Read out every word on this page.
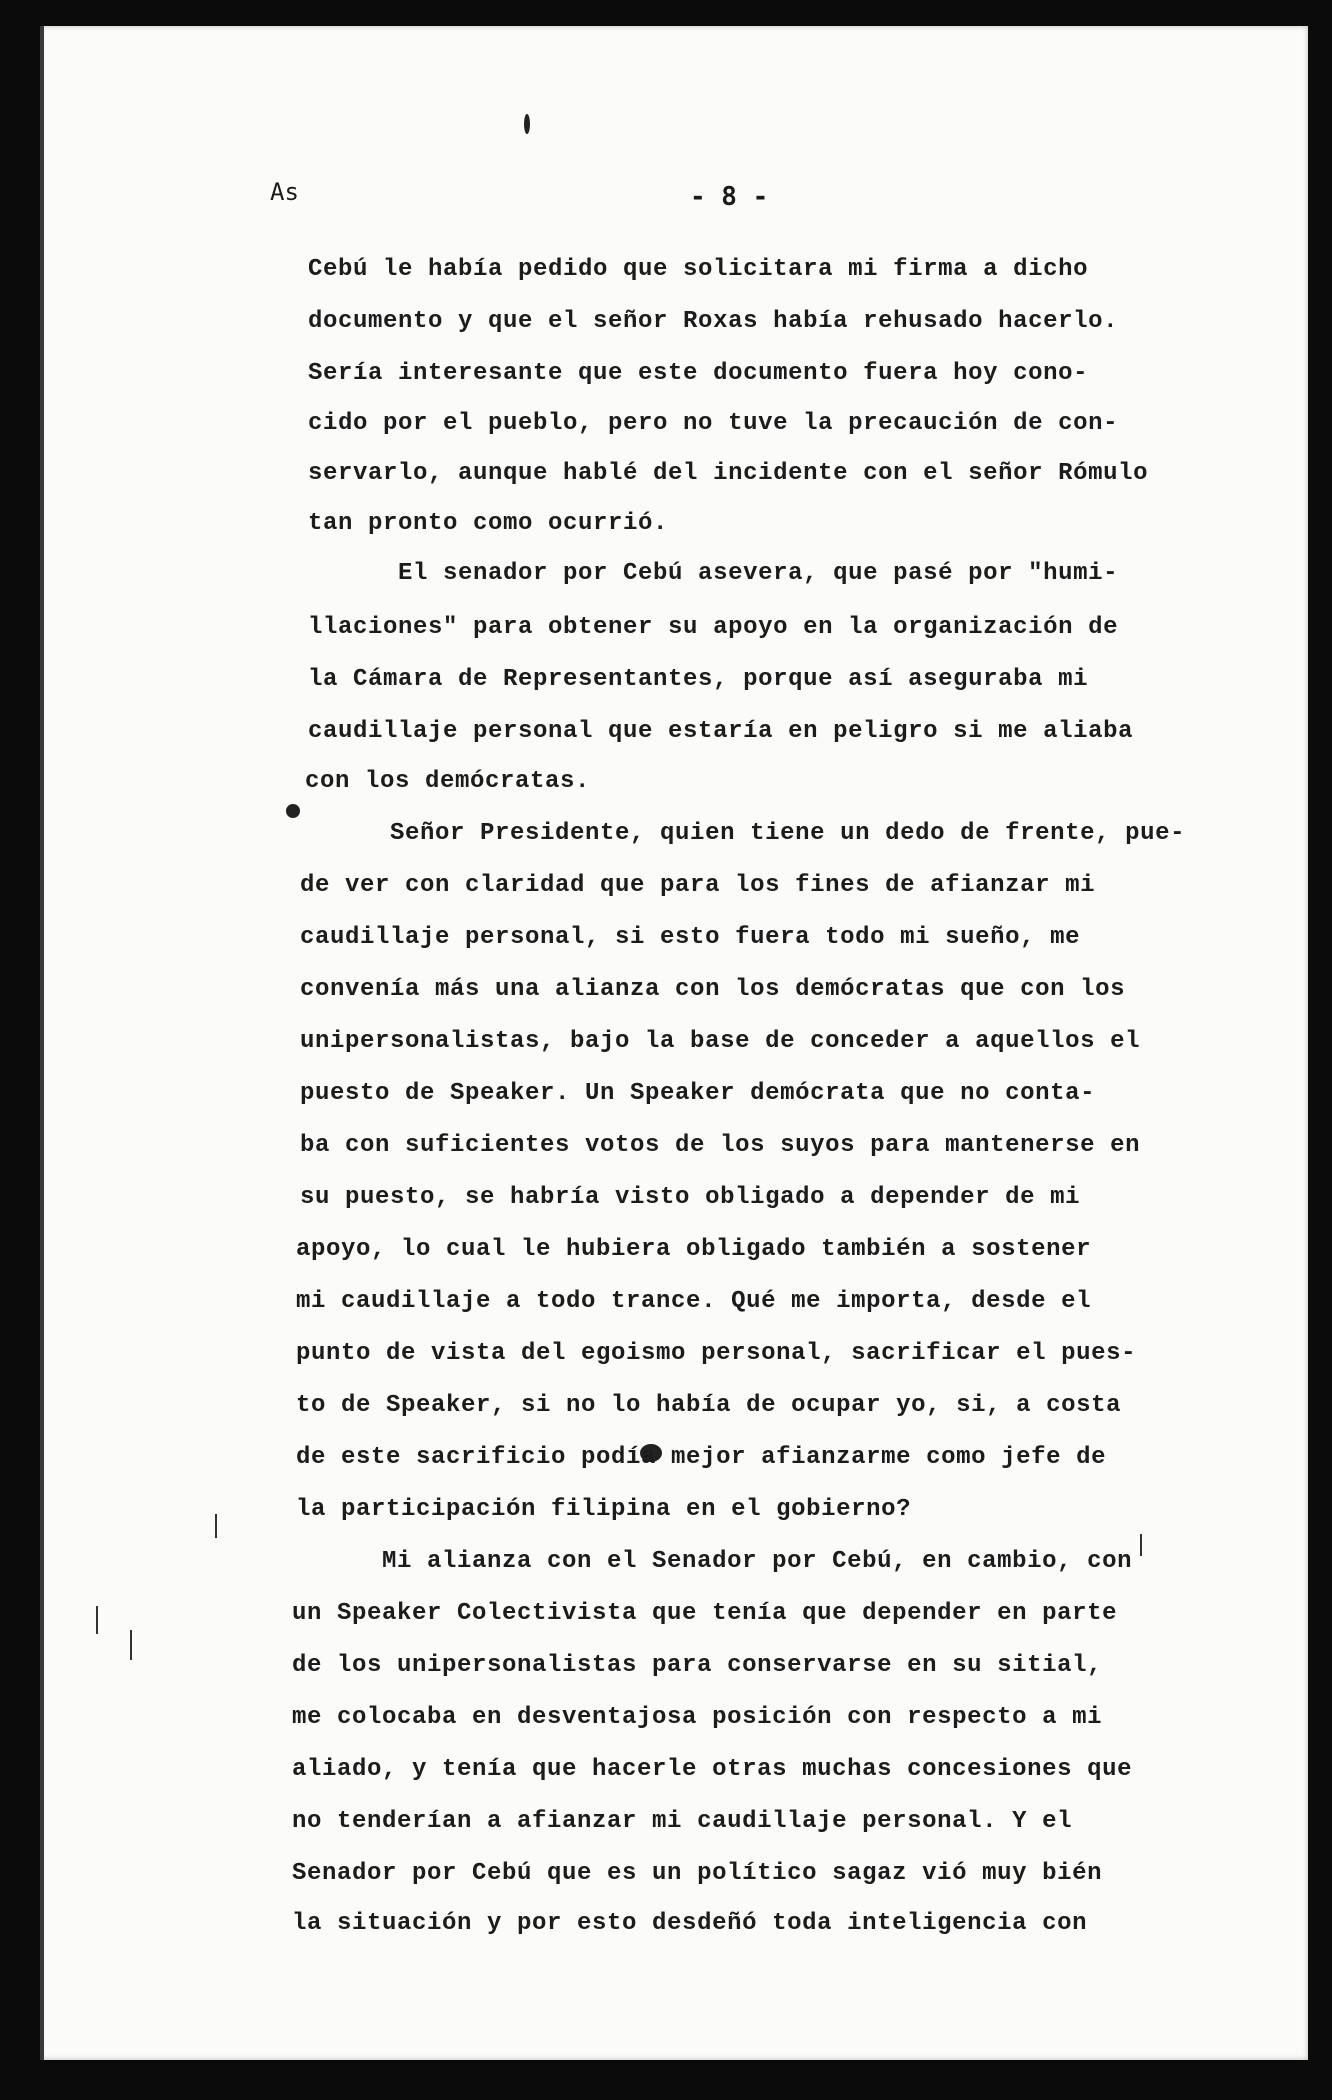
As	- 8 -

Cebú le había pedido que solicitara mi firma a dicho

documento y que el señor Roxas había rehusado hacerlo.

Sería interesante que este documento fuera hoy cono-

cido por el pueblo, pero no tuve la precaución de con-

servarlo, aunque hablé del incidente con el señor Rómulo

tan pronto como ocurrió.

El senador por Cebú asevera, que pasé por "humi-

llaciones" para obtener su apoyo en la organización de

la Cámara de Representantes, porque así aseguraba mi

caudillaje personal que estaría en peligro si me aliaba

con los demócratas.

Señor Presidente, quien tiene un dedo de frente, pue-

de ver con claridad que para los fines de afianzar mi

caudillaje personal, si esto fuera todo mi sueño, me

convenía más una alianza con los demócratas que con los

unipersonalistas, bajo la base de conceder a aquellos el

puesto de Speaker. Un Speaker demócrata que no conta-

ba con suficientes votos de los suyos para mantenerse en

su puesto, se habría visto obligado a depender de mi

apoyo, lo cual le hubiera obligado también a sostener

mi caudillaje a todo trance. Qué me importa, desde el

punto de vista del egoismo personal, sacrificar el pues-

to de Speaker, si no lo había de ocupar yo, si, a costa

de este sacrificio podía mejor afianzarme como jefe de

la participación filipina en el gobierno?

Mi alianza con el Senador por Cebú, en cambio, con

un Speaker Colectivista que tenía que depender en parte

de los unipersonalistas para conservarse en su sitial,

me colocaba en desventajosa posición con respecto a mi

aliado, y tenía que hacerle otras muchas concesiones que

no tenderían a afianzar mi caudillaje personal. Y el

Senador por Cebú que es un político sagaz vió muy bién

la situación y por esto desdeñó toda inteligencia con
